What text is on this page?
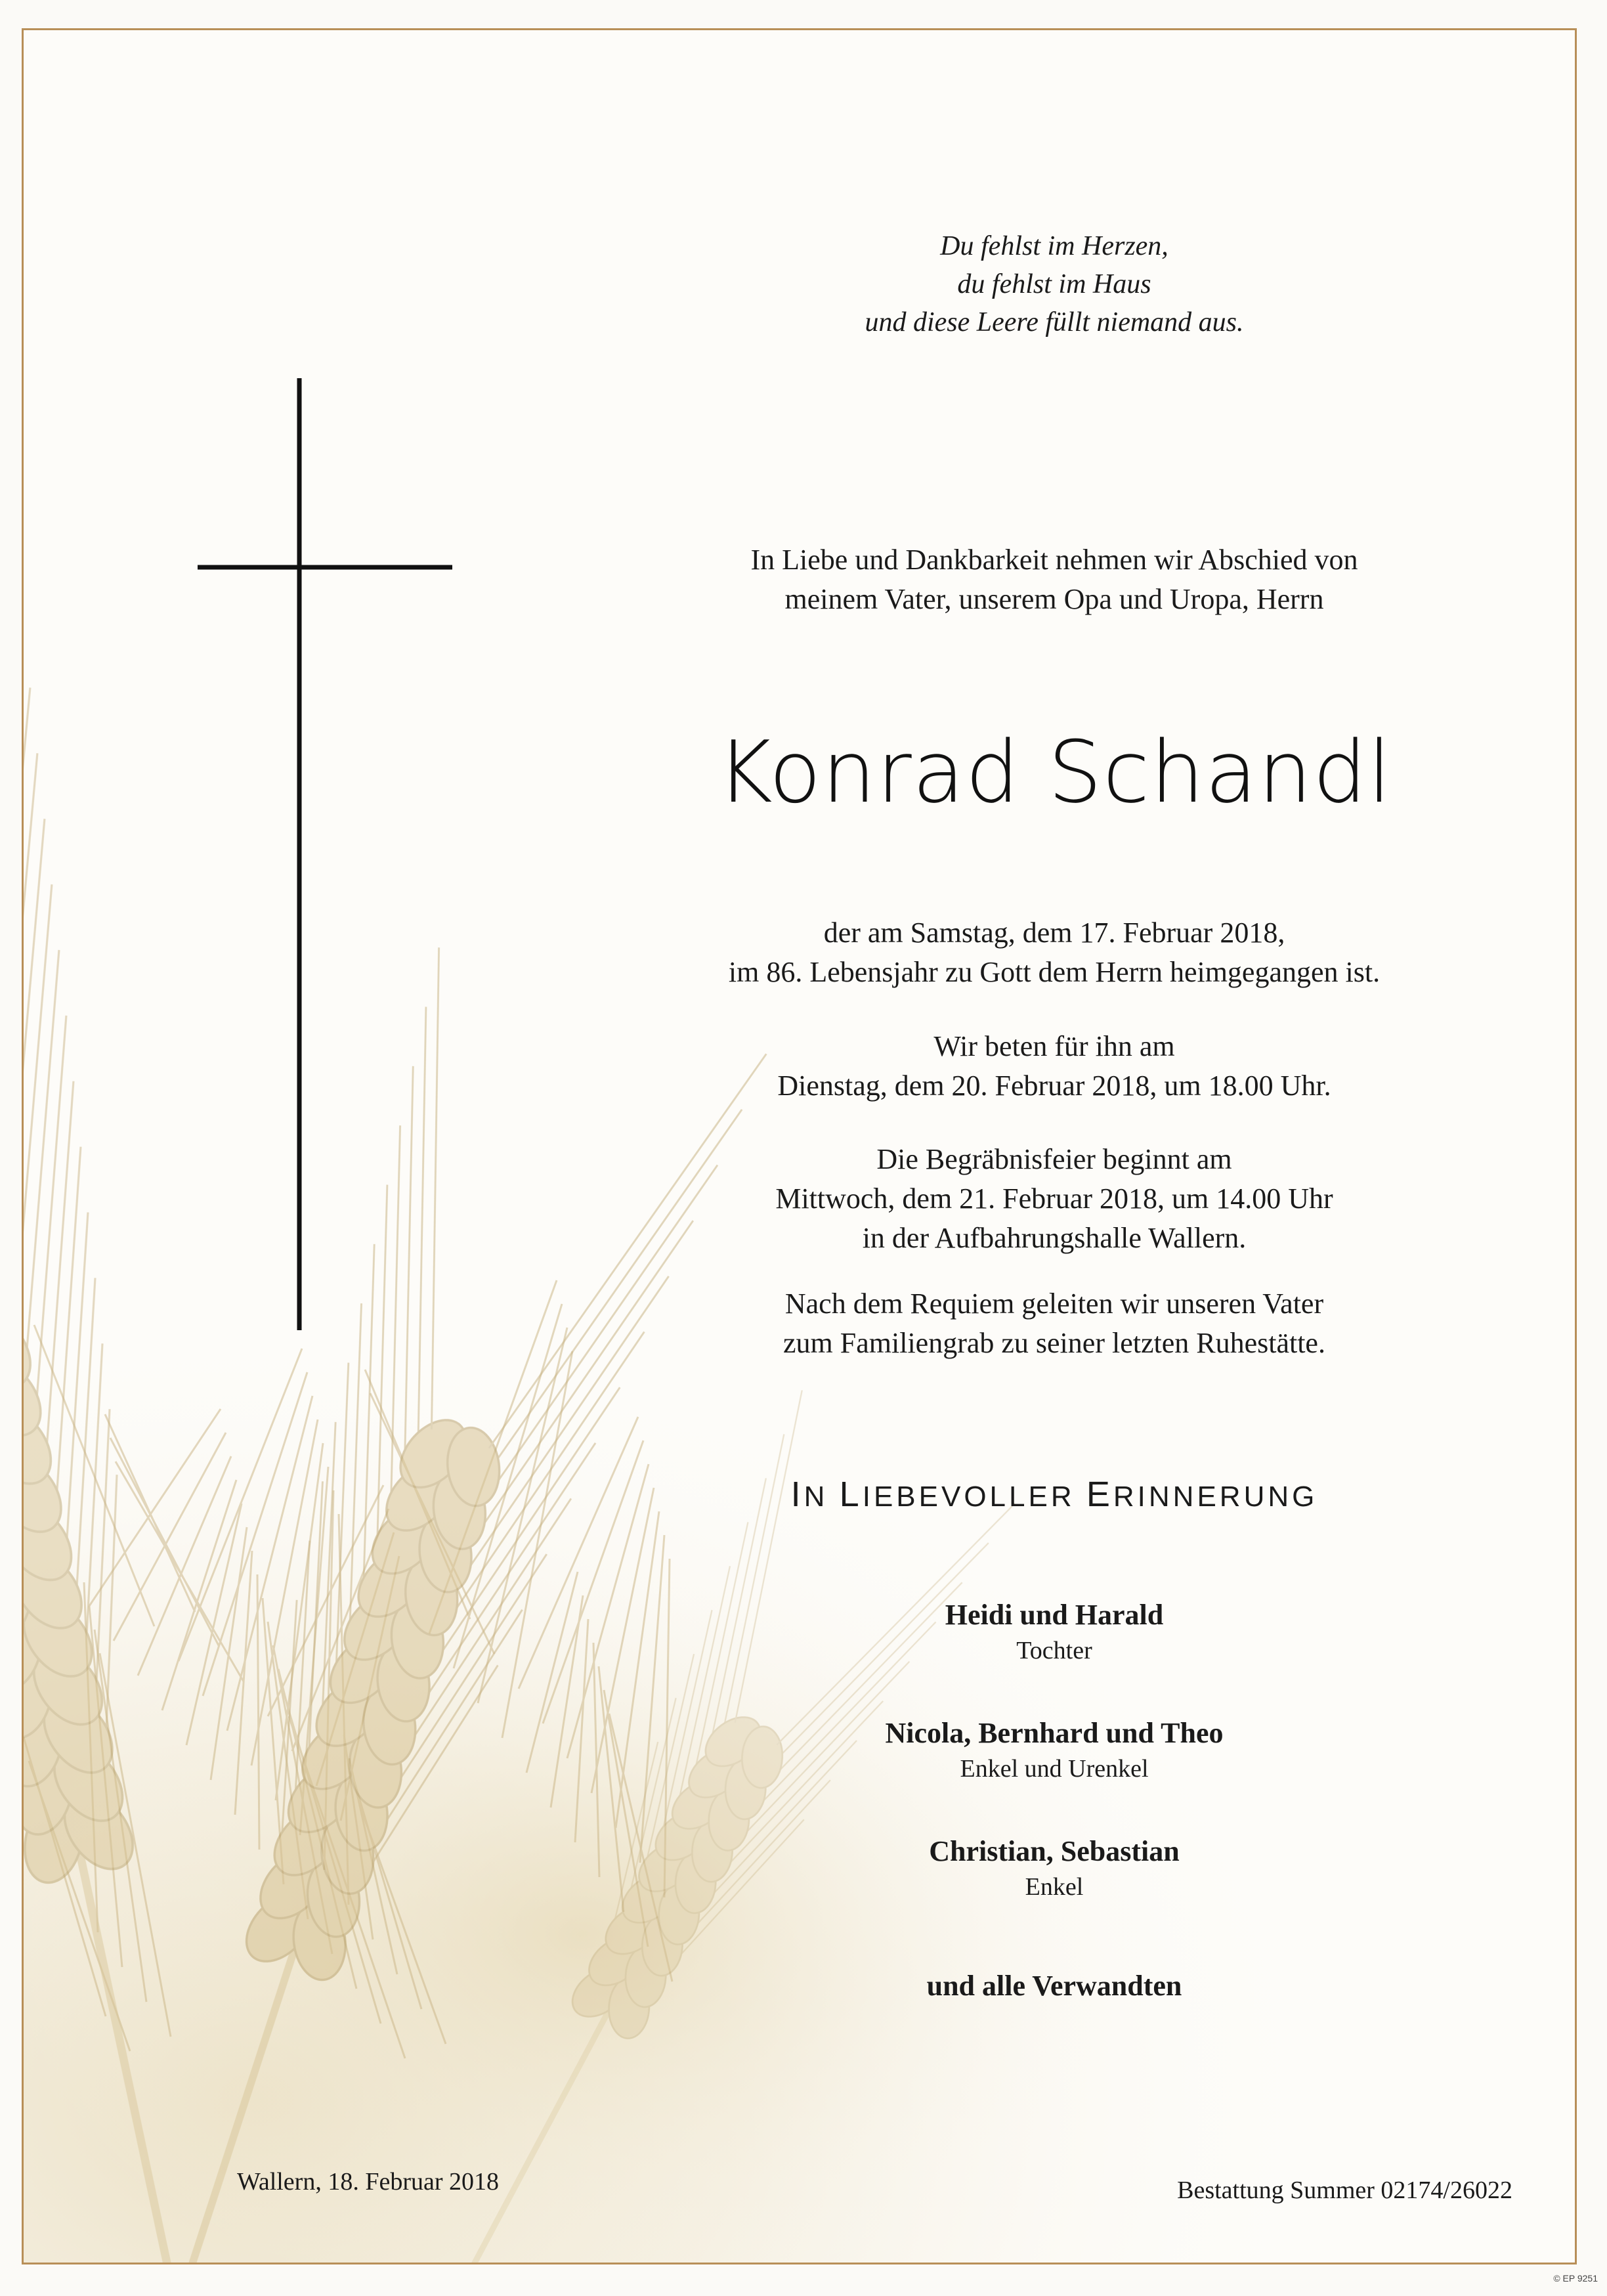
Du fehlst im Herzen,
du fehlst im Haus
und diese Leere füllt niemand aus.
In Liebe und Dankbarkeit nehmen wir Abschied von
meinem Vater, unserem Opa und Uropa, Herrn
Konrad Schandl
der am Samstag, dem 17. Februar 2018,
im 86. Lebensjahr zu Gott dem Herrn heimgegangen ist.
Wir beten für ihn am
Dienstag, dem 20. Februar 2018, um 18.00 Uhr.
Die Begräbnisfeier beginnt am
Mittwoch, dem 21. Februar 2018, um 14.00 Uhr
in der Aufbahrungshalle Wallern.
Nach dem Requiem geleiten wir unseren Vater
zum Familiengrab zu seiner letzten Ruhestätte.
IN LIEBEVOLLER ERINNERUNG
Heidi und Harald
Tochter
Nicola, Bernhard und Theo
Enkel und Urenkel
Christian, Sebastian
Enkel
und alle Verwandten
Wallern, 18. Februar 2018	Bestattung Summer 02174/26022
© EP 9251
